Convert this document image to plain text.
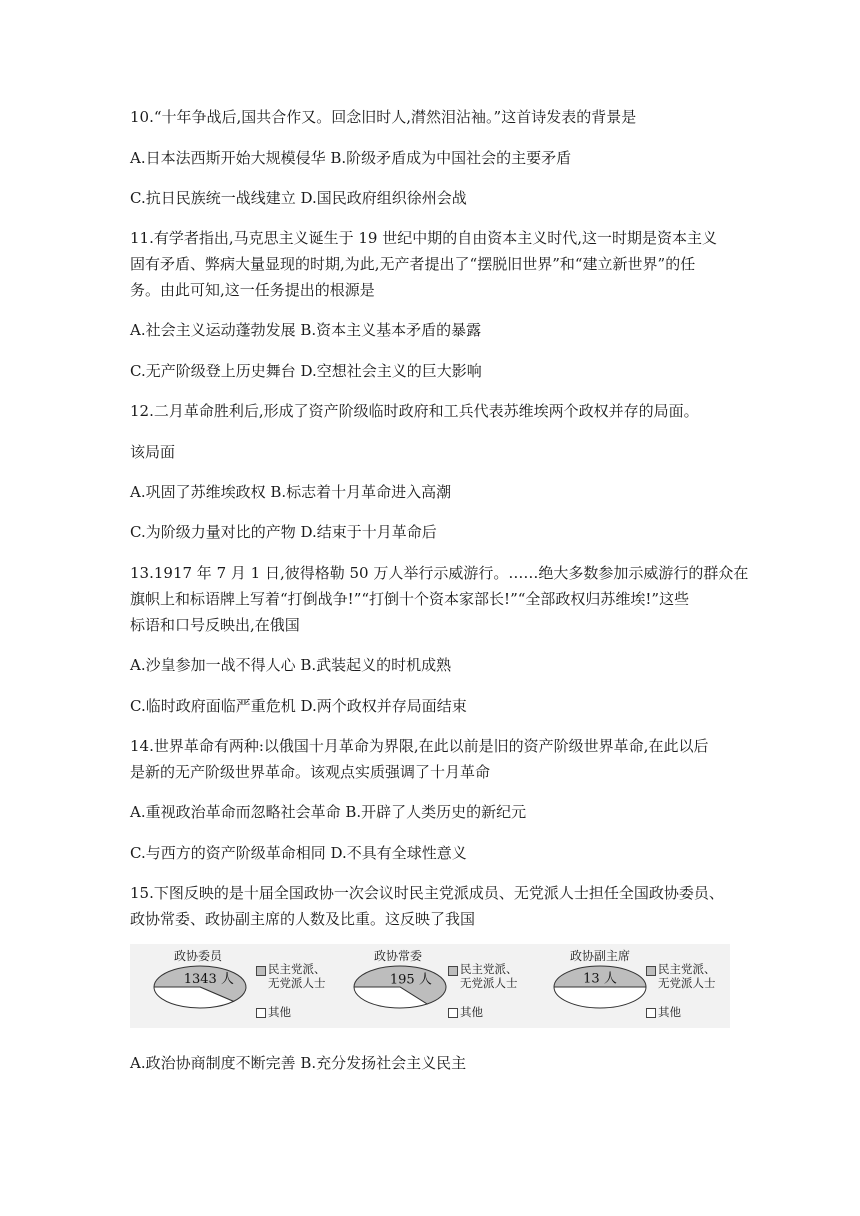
10.“十年争战后,国共合作又。回念旧时人,潸然泪沾袖。”这首诗发表的背景是
A.日本法西斯开始大规模侵华 B.阶级矛盾成为中国社会的主要矛盾
C.抗日民族统一战线建立 D.国民政府组织徐州会战
11.有学者指出,马克思主义诞生于 19 世纪中期的自由资本主义时代,这一时期是资本主义
固有矛盾、弊病大量显现的时期,为此,无产者提出了“摆脱旧世界”和“建立新世界”的任
务。由此可知,这一任务提出的根源是
A.社会主义运动蓬勃发展 B.资本主义基本矛盾的暴露
C.无产阶级登上历史舞台 D.空想社会主义的巨大影响
12.二月革命胜利后,形成了资产阶级临时政府和工兵代表苏维埃两个政权并存的局面。
该局面
A.巩固了苏维埃政权 B.标志着十月革命进入高潮
C.为阶级力量对比的产物 D.结束于十月革命后
13.1917 年 7 月 1 日,彼得格勒 50 万人举行示威游行。……绝大多数参加示威游行的群众在
旗帜上和标语牌上写着“打倒战争!”“打倒十个资本家部长!”“全部政权归苏维埃!”这些
标语和口号反映出,在俄国
A.沙皇参加一战不得人心 B.武装起义的时机成熟
C.临时政府面临严重危机 D.两个政权并存局面结束
14.世界革命有两种:以俄国十月革命为界限,在此以前是旧的资产阶级世界革命,在此以后
是新的无产阶级世界革命。该观点实质强调了十月革命
A.重视政治革命而忽略社会革命 B.开辟了人类历史的新纪元
C.与西方的资产阶级革命相同 D.不具有全球性意义
15.下图反映的是十届全国政协一次会议时民主党派成员、无党派人士担任全国政协委员、
政协常委、政协副主席的人数及比重。这反映了我国
政协委员
1343 人
民主党派、无党派人士
其他
政协常委
195 人
民主党派、无党派人士
其他
政协副主席
13 人
民主党派、无党派人士
其他
A.政治协商制度不断完善 B.充分发扬社会主义民主
